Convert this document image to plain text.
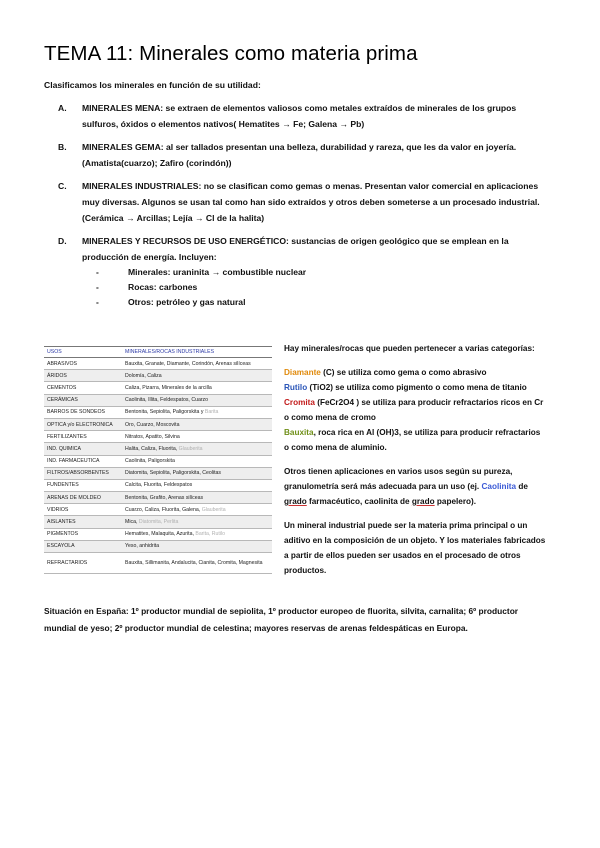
TEMA 11: Minerales como materia prima
Clasificamos los minerales en función de su utilidad:
A. MINERALES MENA: se extraen de elementos valiosos como metales extraídos de minerales de los grupos sulfuros, óxidos o elementos nativos( Hematites → Fe; Galena → Pb)
B. MINERALES GEMA: al ser tallados presentan una belleza, durabilidad y rareza, que les da valor en joyería. (Amatista(cuarzo); Zafiro (corindón))
C. MINERALES INDUSTRIALES: no se clasifican como gemas o menas. Presentan valor comercial en aplicaciones muy diversas. Algunos se usan tal como han sido extraídos y otros deben someterse a un procesado industrial. (Cerámica → Arcillas; Lejía → Cl de la halita)
D. MINERALES Y RECURSOS DE USO ENERGÉTICO: sustancias de origen geológico que se emplean en la producción de energía. Incluyen:
-	Minerales: uraninita → combustible nuclear
-	Rocas: carbones
-	Otros: petróleo y gas natural
USOS	MINERALES/ROCAS INDUSTRIALES
ABRASIVOS	Bauxita, Granate, Diamante, Corindón, Arenas silíceas
ÁRIDOS	Dolomía, Caliza
CEMENTOS	Caliza, Pizarra, Minerales de la arcilla
CERÁMICAS	Caolinita, Illita, Feldespatos, Cuarzo
BARROS DE SONDEOS	Bentonita, Sepiolita, Paligorskita y Barita
OPTICA y/o ELECTRONICA	Oro, Cuarzo, Moscovita
FERTILIZANTES	Nitratos, Apatito, Silvina
IND. QUIMICA	Halita, Caliza, Fluorita, Glauberita
IND. FARMACEUTICA	Caolinita, Paligorskita
FILTROS/ABSORBENTES	Diatomita, Sepiolita, Paligorskita, Ceolitas
FUNDENTES	Calcita, Fluorita, Feldespatos
ARENAS DE MOLDEO	Bentonita, Grafito, Arenas silíceas
VIDRIOS	Cuarzo, Caliza, Fluorita, Galena, Glauberita
AISLANTES	Mica, Diatomita, Perlita
PIGMENTOS	Hematites, Malaquita, Azurita, Barita, Rutilo
ESCAYOLA	Yeso, anhidrita
REFRACTARIOS	Bauxita, Sillimanita, Andalucita, Cianita, Cromita, Magnesita

Hay minerales/rocas que pueden pertenecer a varias categorías:

Diamante (C) se utiliza como gema o como abrasivo
Rutilo (TiO2) se utiliza como pigmento o como mena de titanio
Cromita (FeCr2O4 ) se utiliza para producir refractarios ricos en Cr o como mena de cromo
Bauxita, roca rica en Al (OH)3, se utiliza para producir refractarios o como mena de aluminio.

Otros tienen aplicaciones en varios usos según su pureza, granulometría será más adecuada para un uso (ej. Caolinita de grado farmacéutico, caolinita de grado papelero).

Un mineral industrial puede ser la materia prima principal o un aditivo en la composición de un objeto. Y los materiales fabricados a partir de ellos pueden ser usados en el procesado de otros productos.

Situación en España: 1º productor mundial de sepiolita, 1º productor europeo de fluorita, silvita, carnalita; 6º productor mundial de yeso; 2º productor mundial de celestina; mayores reservas de arenas feldespáticas en Europa.
